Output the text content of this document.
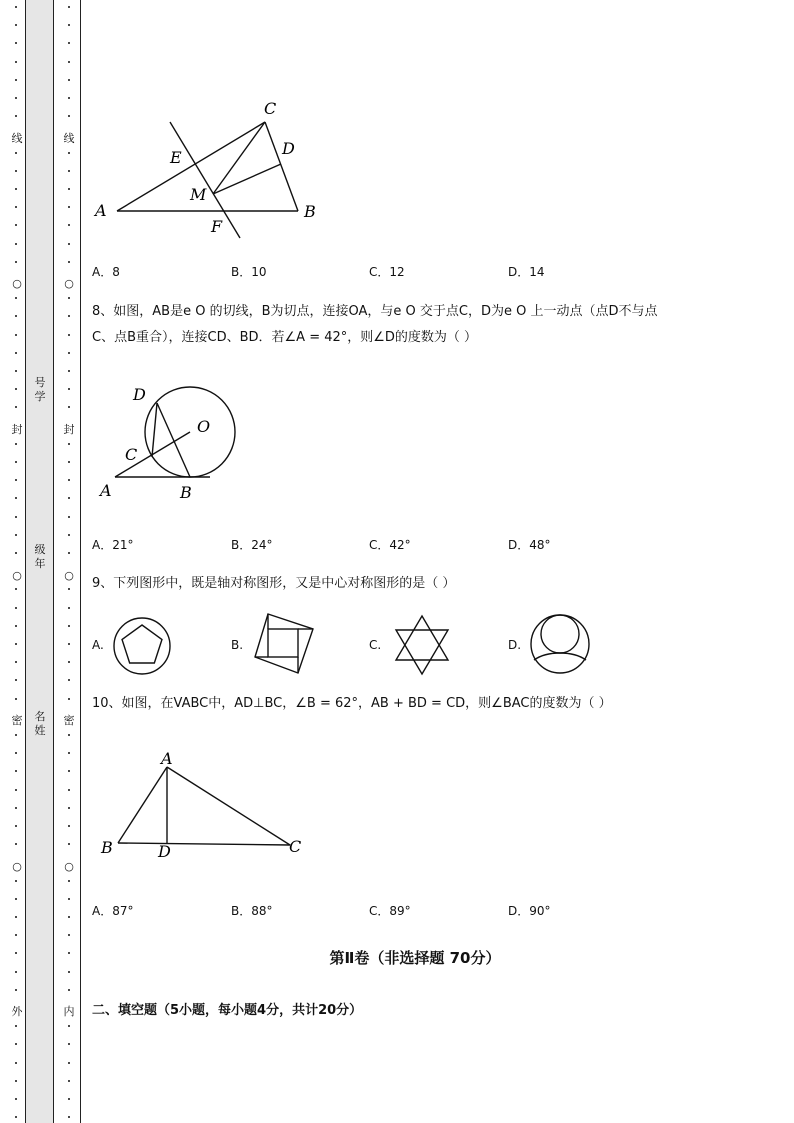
线
○
封
○
密
○
外
线
○
封
○
密
○
内
号
学
级
年
名
姓
A	B
C
D
E
F
M
A．8	B．10	C．12	D．14
8、如图，AB是e O 的切线，B为切点，连接OA，与e O 交于点C，D为e O 上一动点（点D不与点
C、点B重合），连接CD、BD．若∠A = 42°，则∠D的度数为（ ）
D
O
C
A	B
A．21°	B．24°	C．42°	D．48°
9、下列图形中，既是轴对称图形，又是中心对称图形的是（ ）
A.	B.	C.	D.
10、如图，在VABC中，AD⊥BC，∠B = 62°，AB + BD = CD，则∠BAC的度数为（ ）
A
B	C
D
A．87°	B．88°	C．89°	D．90°
第Ⅱ卷（非选择题 70分）
二、填空题（5小题，每小题4分，共计20分）
